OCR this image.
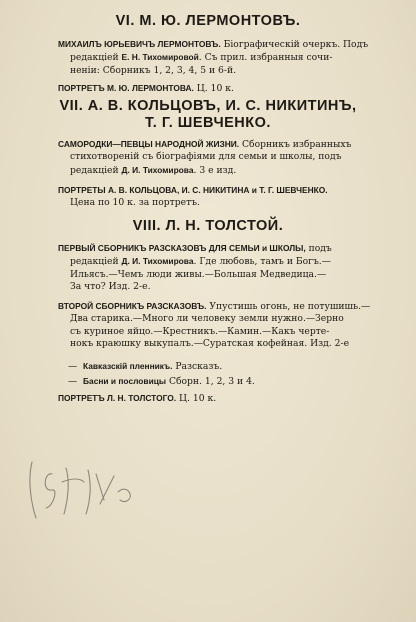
VI. М. Ю. ЛЕРМОНТОВЪ.

МИХАИЛЪ ЮРЬЕВИЧЪ ЛЕРМОНТОВЪ. Біографическій очеркъ. Подъ
редакціей Е. Н. Тихомировой. Съ прил. избранныя сочи-
неніи: Сборникъ 1, 2, 3, 4, 5 и 6-й.

ПОРТРЕТЪ М. Ю. ЛЕРМОНТОВА. Ц. 10 к.

VII. А. В. КОЛЬЦОВЪ, И. С. НИКИТИНЪ,
Т. Г. ШЕВЧЕНКО.

САМОРОДКИ—ПЕВЦЫ НАРОДНОЙ ЖИЗНИ. Сборникъ избранныхъ
стихотвореній съ біографіями для семьи и школы, подъ
редакціей Д. И. Тихомирова. 3 е изд.

ПОРТРЕТЫ А. В. КОЛЬЦОВА, И. С. НИКИТИНА и Т. Г. ШЕВЧЕНКО.
Цена по 10 к. за портретъ.

VIII. Л. Н. ТОЛСТОЙ.

ПЕРВЫЙ СБОРНИКЪ РАЗСКАЗОВЪ ДЛЯ СЕМЬИ и ШКОЛЫ, подъ
редакціей Д. И. Тихомирова. Где любовь, тамъ и Богъ.—
Ильясъ.—Чемъ люди живы.—Большая Медведица.—
За что? Изд. 2-е.

ВТОРОЙ СБОРНИКЪ РАЗСКАЗОВЪ. Упустишь огонь, не потушишь.—
Два старика.—Много ли человеку земли нужно.—Зерно
съ куриное яйцо.—Крестникъ.—Камин.—Какъ черте-
нокъ краюшку выкупалъ.—Суратская кофейная. Изд. 2-е

—  Кавказскій пленникъ. Разсказъ.
—  Басни и пословицы Сборн. 1, 2, 3 и 4.

ПОРТРЕТЪ Л. Н. ТОЛСТОГО. Ц. 10 к.
